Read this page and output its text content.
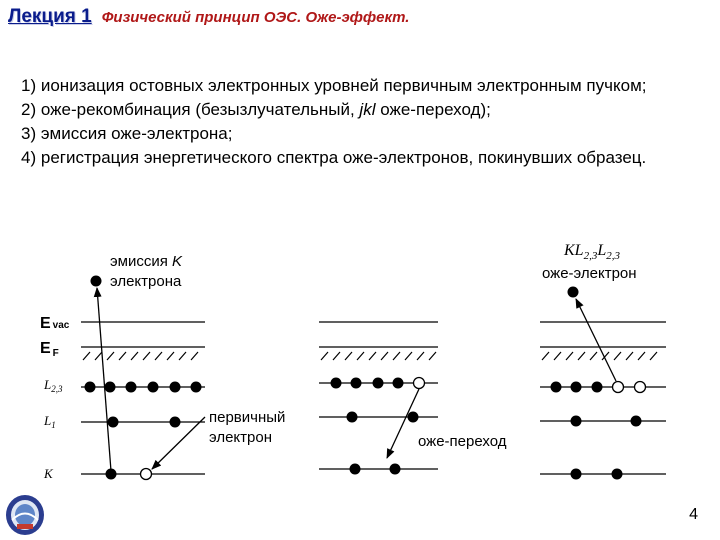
Лекция 1 Физический принцип ОЭС. Оже-эффект.

1) ионизация остовных электронных уровней первичным электронным пучком;

2) оже-рекомбинация (безызлучательный, jkl оже-переход);

3) эмиссия оже-электрона;

4) регистрация энергетического спектра оже-электронов, покинувших образец.

эмиссия K
электрона
Evac
E F
$L_{2,3}$
$L_1$
K
первичный
электрон	оже-переход
$KL_{2,3}L_{2,3}$
оже-электрон
4
